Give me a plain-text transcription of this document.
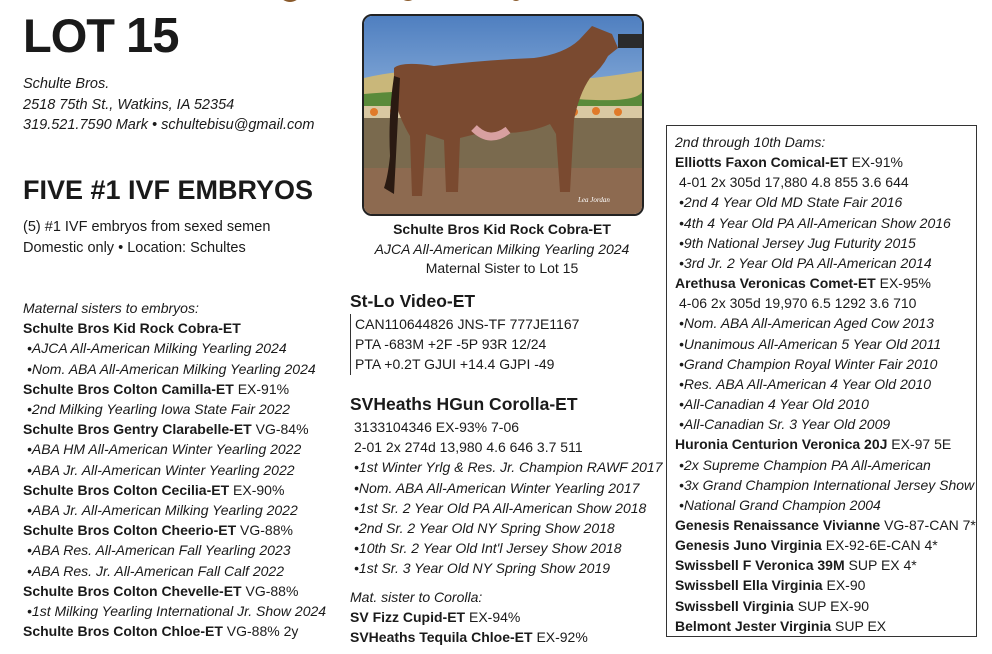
LOT 15
Schulte Bros.
2518 75th St., Watkins, IA 52354
319.521.7590 Mark • schultebisu@gmail.com
FIVE #1 IVF EMBRYOS
(5) #1 IVF embryos from sexed semen
Domestic only • Location: Schultes
Lea Jordan
Schulte Bros Kid Rock Cobra-ET
AJCA All-American Milking Yearling 2024
Maternal Sister to Lot 15
Maternal sisters to embryos:
Schulte Bros Kid Rock Cobra-ET
•AJCA All-American Milking Yearling 2024
•Nom. ABA All-American Milking Yearling 2024
Schulte Bros Colton Camilla-ET EX-91%
•2nd Milking Yearling Iowa State Fair 2022
Schulte Bros Gentry Clarabelle-ET VG-84%
•ABA HM All-American Winter Yearling 2022
•ABA Jr. All-American Winter Yearling 2022
Schulte Bros Colton Cecilia-ET EX-90%
•ABA Jr. All-American Milking Yearling 2022
Schulte Bros Colton Cheerio-ET VG-88%
•ABA Res. All-American Fall Yearling 2023
•ABA Res. Jr. All-American Fall Calf 2022
Schulte Bros Colton Chevelle-ET VG-88%
•1st Milking Yearling International Jr. Show 2024
Schulte Bros Colton Chloe-ET VG-88% 2y
St-Lo Video-ET
CAN110644826 JNS-TF 777JE1167
PTA -683M +2F -5P 93R 12/24
PTA +0.2T GJUI +14.4 GJPI -49
SVHeaths HGun Corolla-ET
3133104346 EX-93% 7-06
2-01 2x 274d 13,980 4.6 646 3.7 511
•1st Winter Yrlg & Res. Jr. Champion RAWF 2017
•Nom. ABA All-American Winter Yearling 2017
•1st Sr. 2 Year Old PA All-American Show 2018
•2nd Sr. 2 Year Old NY Spring Show 2018
•10th Sr. 2 Year Old Int'l Jersey Show 2018
•1st Sr. 3 Year Old NY Spring Show 2019
Mat. sister to Corolla:
SV Fizz Cupid-ET EX-94%
SVHeaths Tequila Chloe-ET EX-92%
2nd through 10th Dams:
Elliotts Faxon Comical-ET EX-91%
4-01 2x 305d 17,880 4.8 855 3.6 644
•2nd 4 Year Old MD State Fair 2016
•4th 4 Year Old PA All-American Show 2016
•9th National Jersey Jug Futurity 2015
•3rd Jr. 2 Year Old PA All-American 2014
Arethusa Veronicas Comet-ET EX-95%
4-06 2x 305d 19,970 6.5 1292 3.6 710
•Nom. ABA All-American Aged Cow 2013
•Unanimous All-American 5 Year Old 2011
•Grand Champion Royal Winter Fair 2010
•Res. ABA All-American 4 Year Old 2010
•All-Canadian 4 Year Old 2010
•All-Canadian Sr. 3 Year Old 2009
Huronia Centurion Veronica 20J EX-97 5E
•2x Supreme Champion PA All-American
•3x Grand Champion International Jersey Show
•National Grand Champion 2004
Genesis Renaissance Vivianne VG-87-CAN 7*
Genesis Juno Virginia EX-92-6E-CAN 4*
Swissbell F Veronica 39M SUP EX 4*
Swissbell Ella Virginia EX-90
Swissbell Virginia SUP EX-90
Belmont Jester Virginia SUP EX
